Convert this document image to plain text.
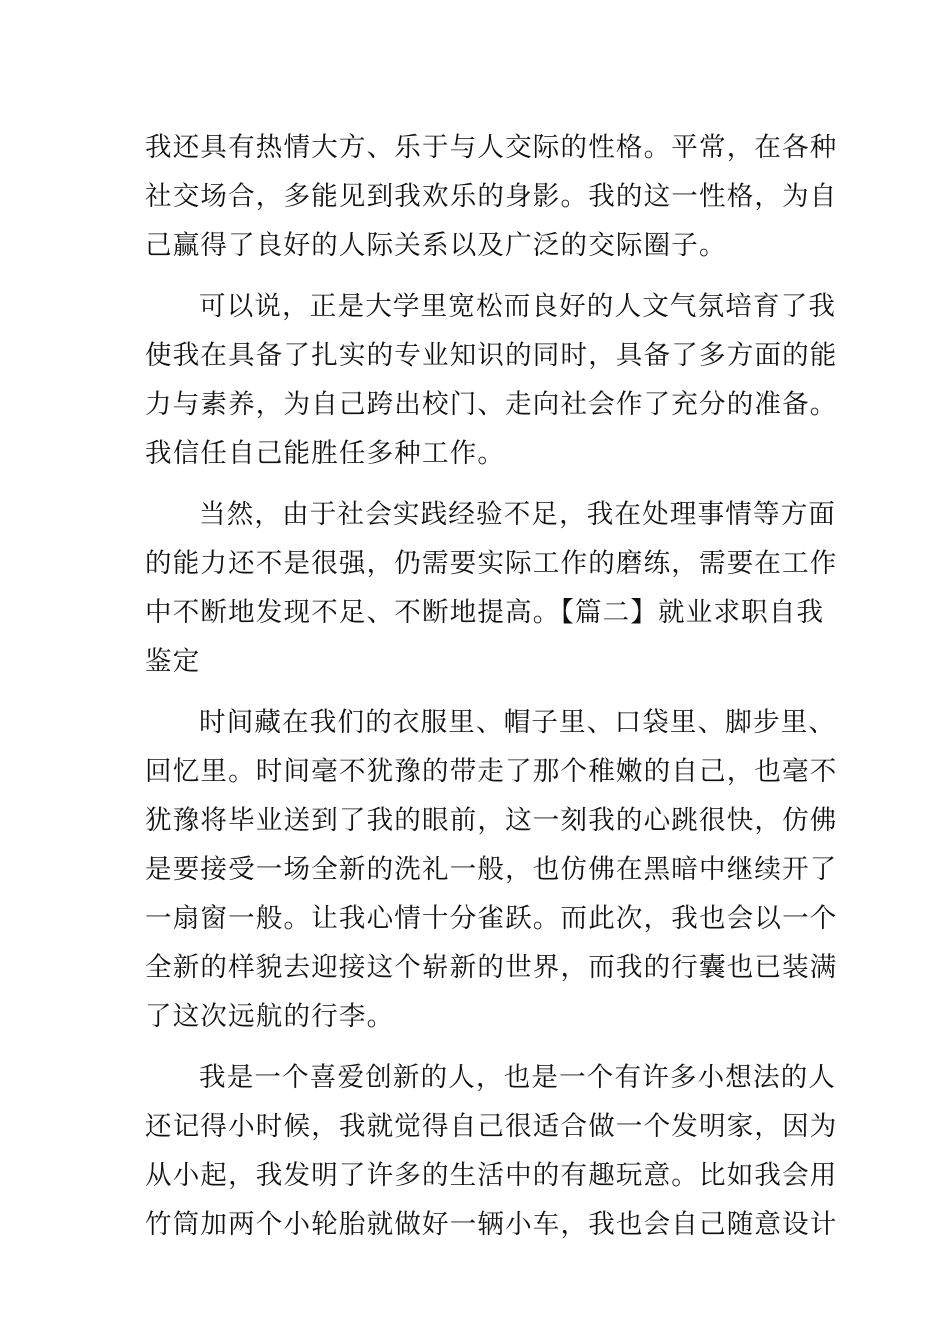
我还具有热情大方、乐于与人交际的性格。平常，在各种
社交场合，多能见到我欢乐的身影。我的这一性格，为自
己赢得了良好的人际关系以及广泛的交际圈子。

可以说，正是大学里宽松而良好的人文气氛培育了我
使我在具备了扎实的专业知识的同时，具备了多方面的能
力与素养，为自己跨出校门、走向社会作了充分的准备。
我信任自己能胜任多种工作。

当然，由于社会实践经验不足，我在处理事情等方面
的能力还不是很强，仍需要实际工作的磨练，需要在工作
中不断地发现不足、不断地提高。【篇二】就业求职自我
鉴定

时间藏在我们的衣服里、帽子里、口袋里、脚步里、
回忆里。时间毫不犹豫的带走了那个稚嫩的自己，也毫不
犹豫将毕业送到了我的眼前，这一刻我的心跳很快，仿佛
是要接受一场全新的洗礼一般，也仿佛在黑暗中继续开了
一扇窗一般。让我心情十分雀跃。而此次，我也会以一个
全新的样貌去迎接这个崭新的世界，而我的行囊也已装满
了这次远航的行李。

我是一个喜爱创新的人，也是一个有许多小想法的人
还记得小时候，我就觉得自己很适合做一个发明家，因为
从小起，我发明了许多的生活中的有趣玩意。比如我会用
竹筒加两个小轮胎就做好一辆小车，我也会自己随意设计
